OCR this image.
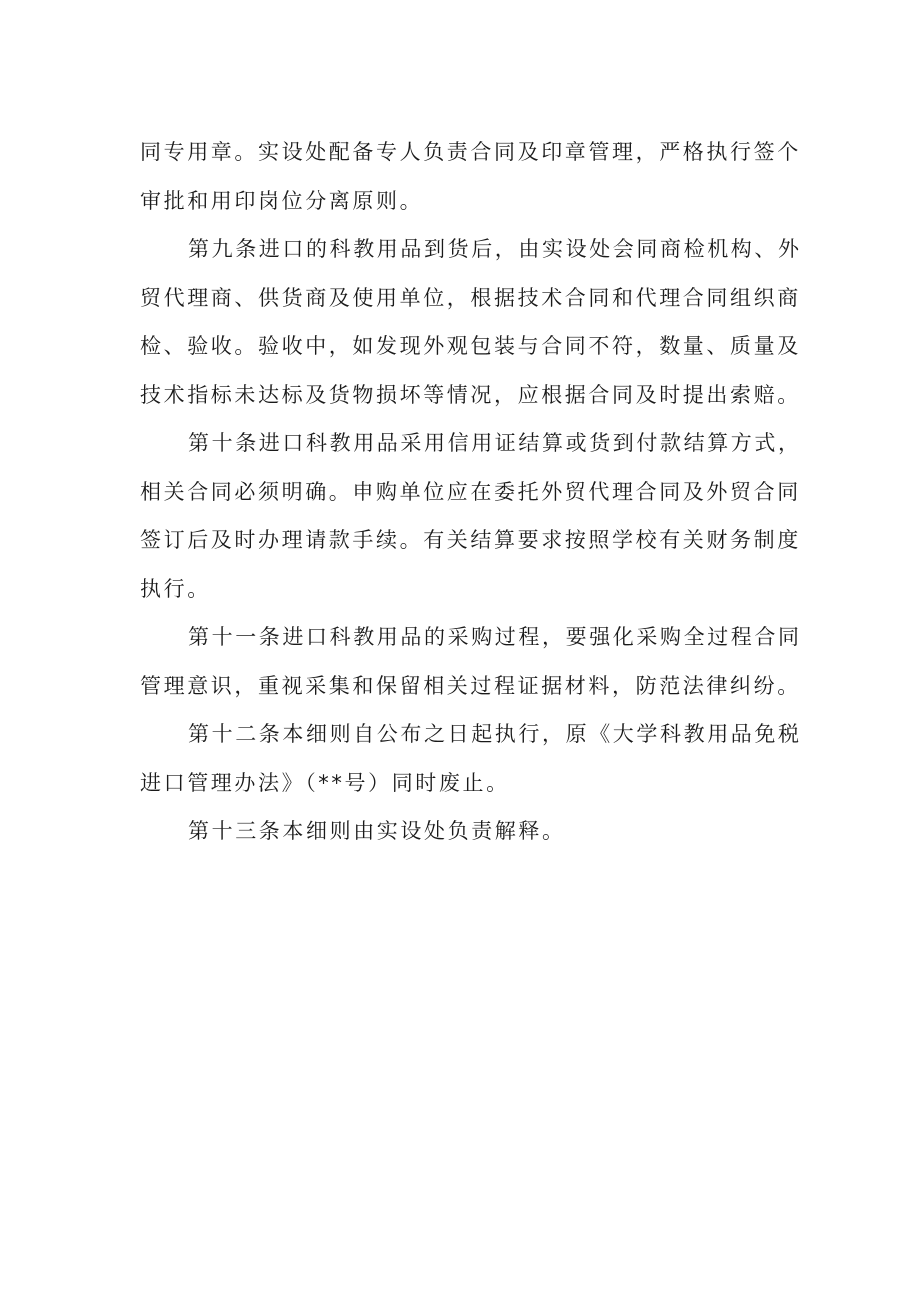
同专用章。实设处配备专人负责合同及印章管理，严格执行签个
审批和用印岗位分离原则。
第九条进口的科教用品到货后，由实设处会同商检机构、外
贸代理商、供货商及使用单位，根据技术合同和代理合同组织商
检、验收。验收中，如发现外观包装与合同不符，数量、质量及
技术指标未达标及货物损坏等情况，应根据合同及时提出索赔。
第十条进口科教用品采用信用证结算或货到付款结算方式，
相关合同必须明确。申购单位应在委托外贸代理合同及外贸合同
签订后及时办理请款手续。有关结算要求按照学校有关财务制度
执行。
第十一条进口科教用品的采购过程，要强化采购全过程合同
管理意识，重视采集和保留相关过程证据材料，防范法律纠纷。
第十二条本细则自公布之日起执行，原《大学科教用品免税
进口管理办法》（**号）同时废止。
第十三条本细则由实设处负责解释。
